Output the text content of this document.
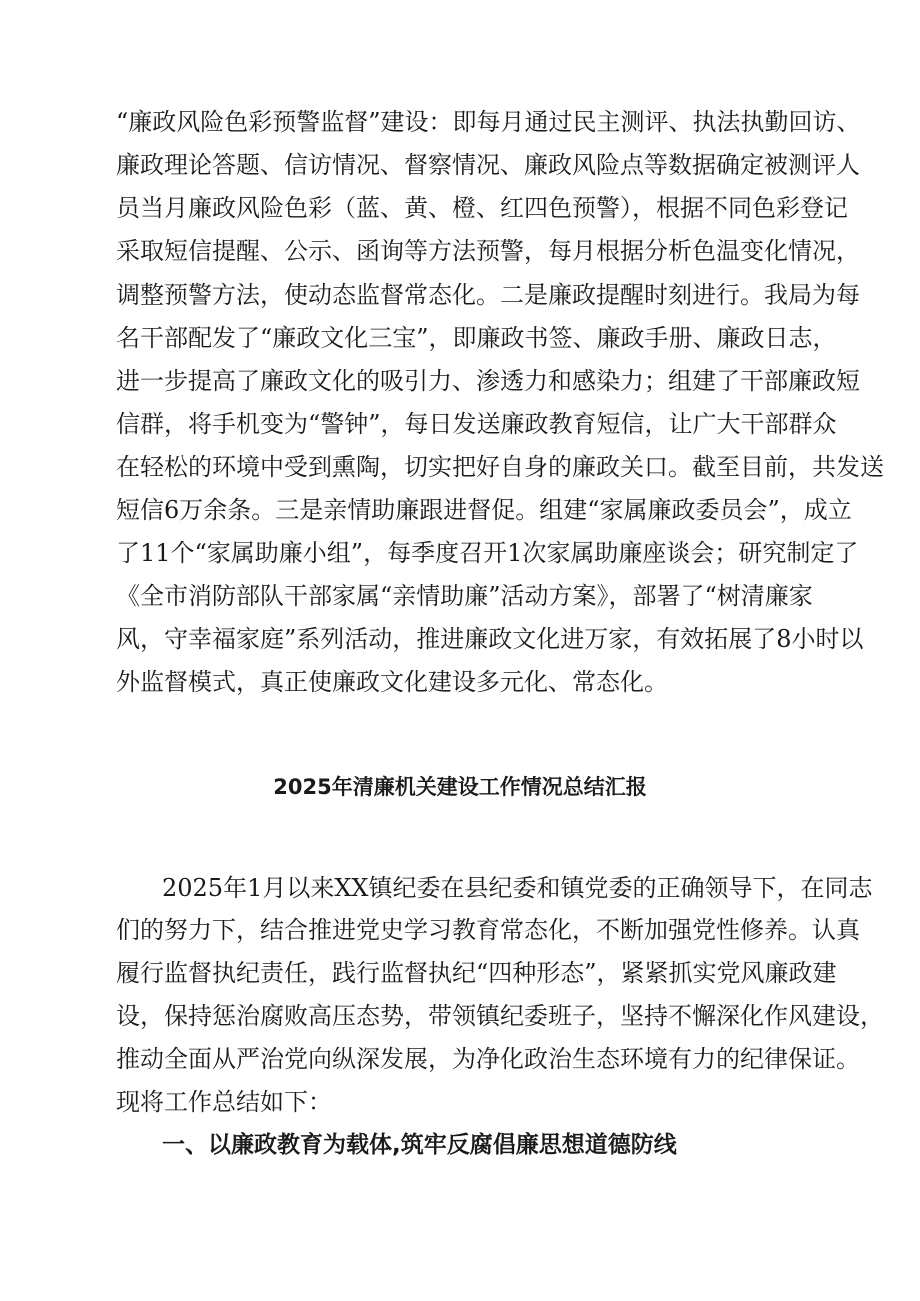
“廉政风险色彩预警监督”建设：即每月通过民主测评、执法执勤回访、
廉政理论答题、信访情况、督察情况、廉政风险点等数据确定被测评人
员当月廉政风险色彩（蓝、黄、橙、红四色预警），根据不同色彩登记
采取短信提醒、公示、函询等方法预警，每月根据分析色温变化情况，
调整预警方法，使动态监督常态化。二是廉政提醒时刻进行。我局为每
名干部配发了“廉政文化三宝”，即廉政书签、廉政手册、廉政日志，
进一步提高了廉政文化的吸引力、渗透力和感染力；组建了干部廉政短
信群，将手机变为“警钟”，每日发送廉政教育短信，让广大干部群众
在轻松的环境中受到熏陶，切实把好自身的廉政关口。截至目前，共发送
短信6万余条。三是亲情助廉跟进督促。组建“家属廉政委员会”，成立
了11个“家属助廉小组”，每季度召开1次家属助廉座谈会；研究制定了
《全市消防部队干部家属“亲情助廉”活动方案》，部署了“树清廉家
风，守幸福家庭”系列活动，推进廉政文化进万家，有效拓展了8小时以
外监督模式，真正使廉政文化建设多元化、常态化。
2025年清廉机关建设工作情况总结汇报
2025年1月以来XX镇纪委在县纪委和镇党委的正确领导下，在同志
们的努力下，结合推进党史学习教育常态化，不断加强党性修养。认真
履行监督执纪责任，践行监督执纪“四种形态”，紧紧抓实党风廉政建
设，保持惩治腐败高压态势，带领镇纪委班子，坚持不懈深化作风建设，
推动全面从严治党向纵深发展，为净化政治生态环境有力的纪律保证。
现将工作总结如下：
一、以廉政教育为载体,筑牢反腐倡廉思想道德防线
